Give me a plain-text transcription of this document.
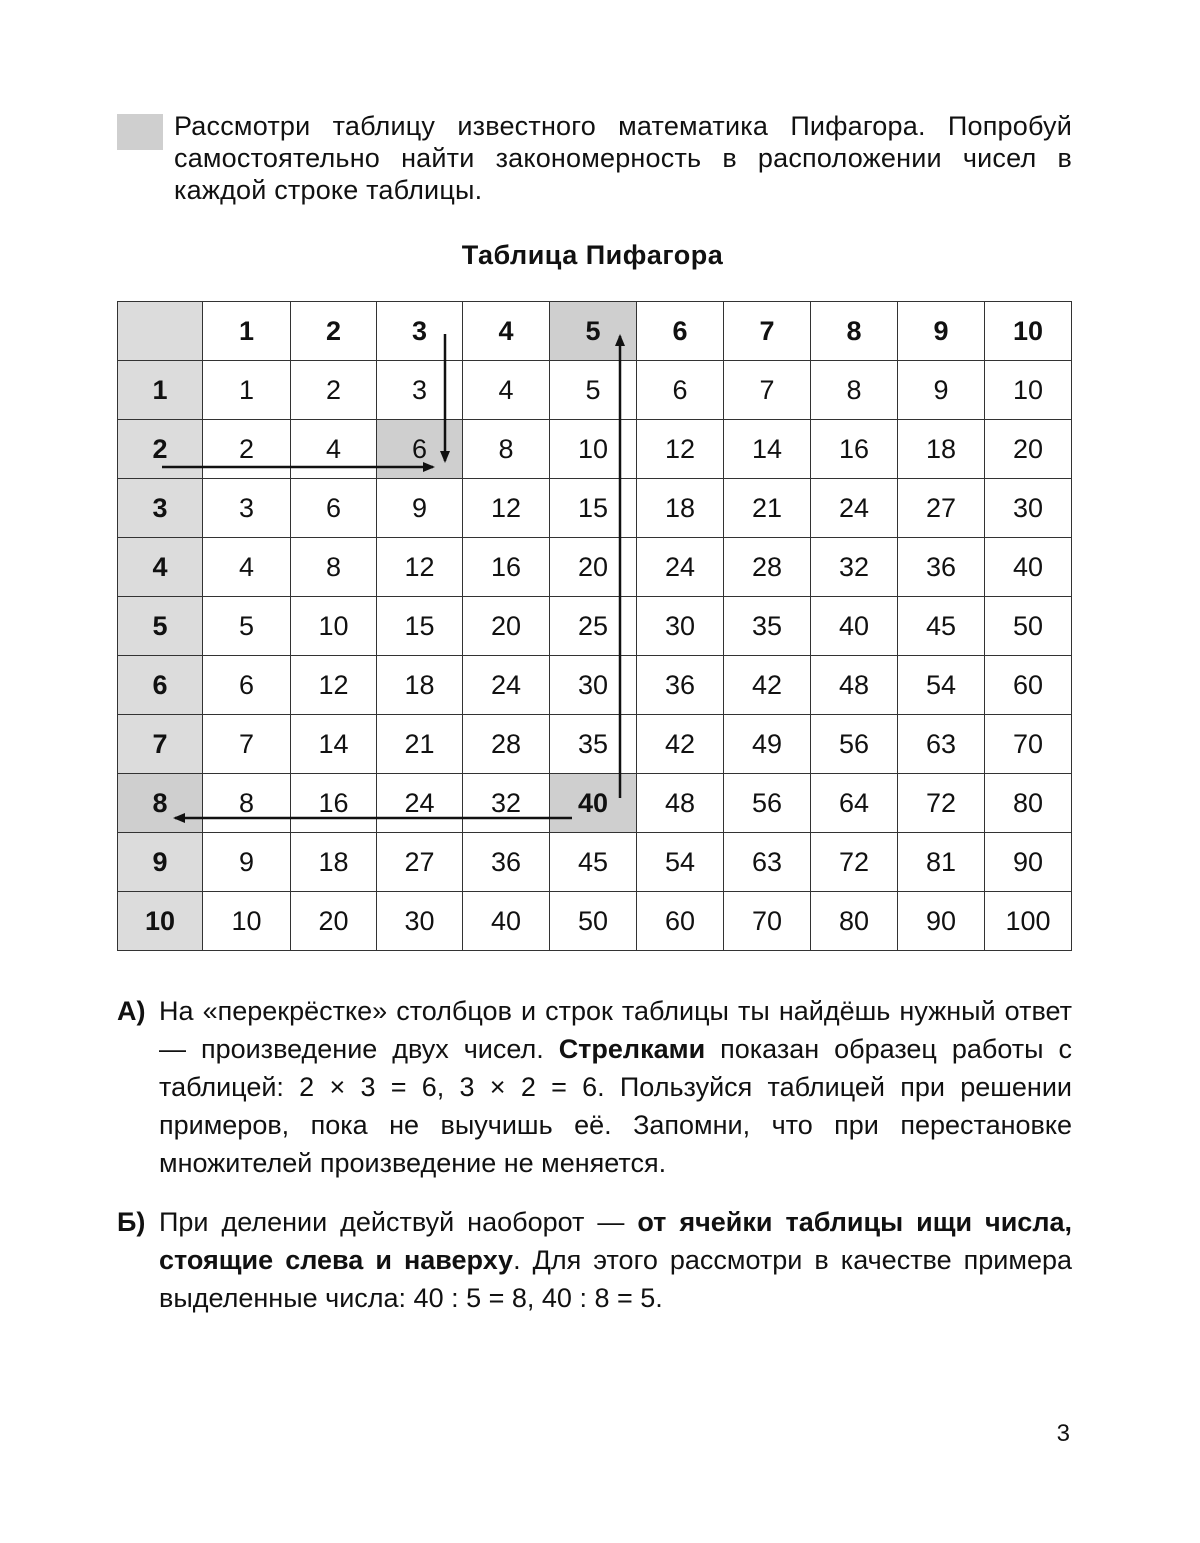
Рассмотри таблицу известного математика Пифагора. Попробуй самостоятельно найти закономерность в расположении чисел в каждой строке таблицы.
Таблица Пифагора
	1	2	3	4	5	6	7	8	9	10
1	1	2	3	4	5	6	7	8	9	10
2	2	4	6	8	10	12	14	16	18	20
3	3	6	9	12	15	18	21	24	27	30
4	4	8	12	16	20	24	28	32	36	40
5	5	10	15	20	25	30	35	40	45	50
6	6	12	18	24	30	36	42	48	54	60
7	7	14	21	28	35	42	49	56	63	70
8	8	16	24	32	40	48	56	64	72	80
9	9	18	27	36	45	54	63	72	81	90
10	10	20	30	40	50	60	70	80	90	100
А) На «перекрёстке» столбцов и строк таблицы ты найдёшь нужный ответ — произведение двух чисел. Стрелками показан образец работы с таблицей: 2 × 3 = 6, 3 × 2 = 6. Пользуйся таблицей при решении примеров, пока не выучишь её. Запомни, что при перестановке множителей произведение не меняется.
Б) При делении действуй наоборот — от ячейки таблицы ищи числа, стоящие слева и наверху. Для этого рассмотри в качестве примера выделенные числа: 40 : 5 = 8, 40 : 8 = 5.
3
